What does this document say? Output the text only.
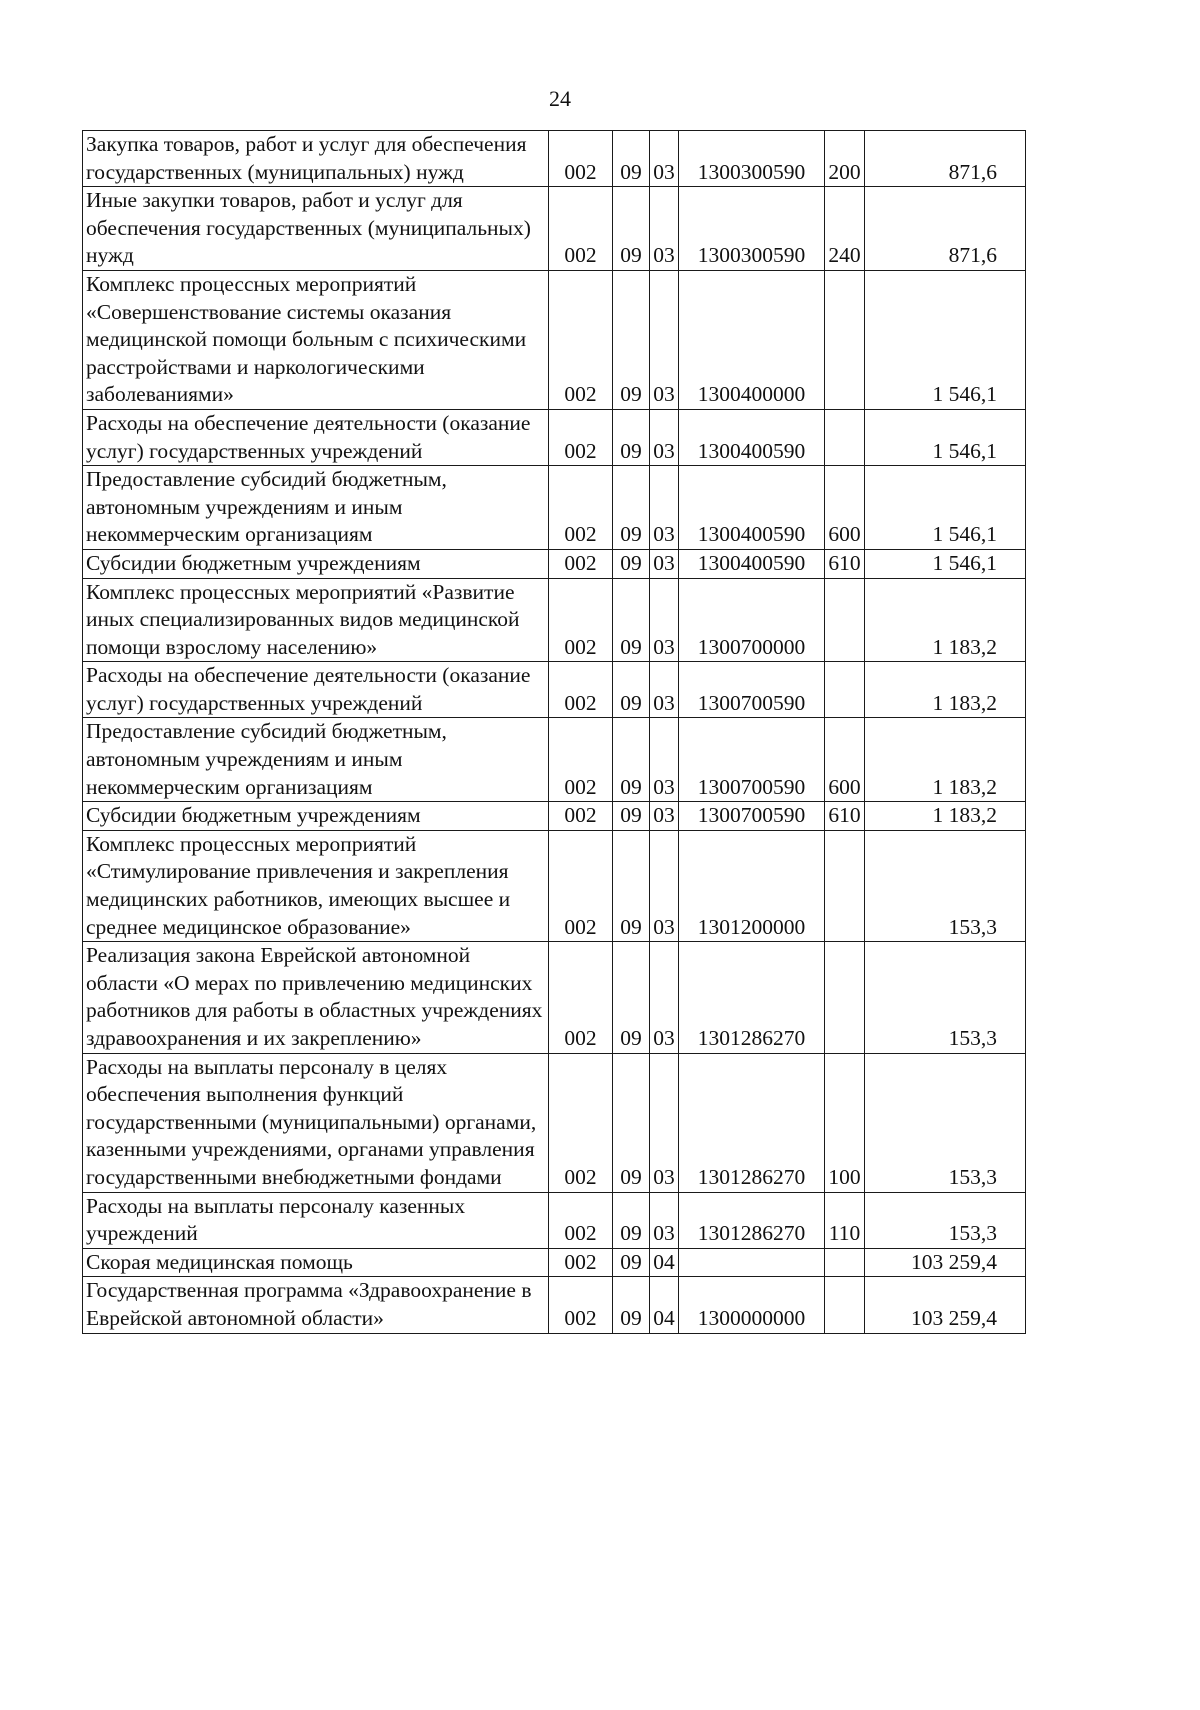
24
Закупка товаров, работ и услуг для обеспечения государственных (муниципальных) нужд	002	09	03	1300300590	200	871,6
Иные закупки товаров, работ и услуг для обеспечения государственных (муниципальных) нужд	002	09	03	1300300590	240	871,6
Комплекс процессных мероприятий «Совершенствование системы оказания медицинской помощи больным с психическими расстройствами и наркологическими заболеваниями»	002	09	03	1300400000		1 546,1
Расходы на обеспечение деятельности (оказание услуг) государственных учреждений	002	09	03	1300400590		1 546,1
Предоставление субсидий бюджетным, автономным учреждениям и иным некоммерческим организациям	002	09	03	1300400590	600	1 546,1
Субсидии бюджетным учреждениям	002	09	03	1300400590	610	1 546,1
Комплекс процессных мероприятий «Развитие иных специализированных видов медицинской помощи взрослому населению»	002	09	03	1300700000		1 183,2
Расходы на обеспечение деятельности (оказание услуг) государственных учреждений	002	09	03	1300700590		1 183,2
Предоставление субсидий бюджетным, автономным учреждениям и иным некоммерческим организациям	002	09	03	1300700590	600	1 183,2
Субсидии бюджетным учреждениям	002	09	03	1300700590	610	1 183,2
Комплекс процессных мероприятий «Стимулирование привлечения и закрепления медицинских работников, имеющих высшее и среднее медицинское образование»	002	09	03	1301200000		153,3
Реализация закона Еврейской автономной области «О мерах по привлечению медицинских работников для работы в областных учреждениях здравоохранения и их закреплению»	002	09	03	1301286270		153,3
Расходы на выплаты персоналу в целях обеспечения выполнения функций государственными (муниципальными) органами, казенными учреждениями, органами управления государственными внебюджетными фондами	002	09	03	1301286270	100	153,3
Расходы на выплаты персоналу казенных учреждений	002	09	03	1301286270	110	153,3
Скорая медицинская помощь	002	09	04			103 259,4
Государственная программа «Здравоохранение в Еврейской автономной области»	002	09	04	1300000000		103 259,4
